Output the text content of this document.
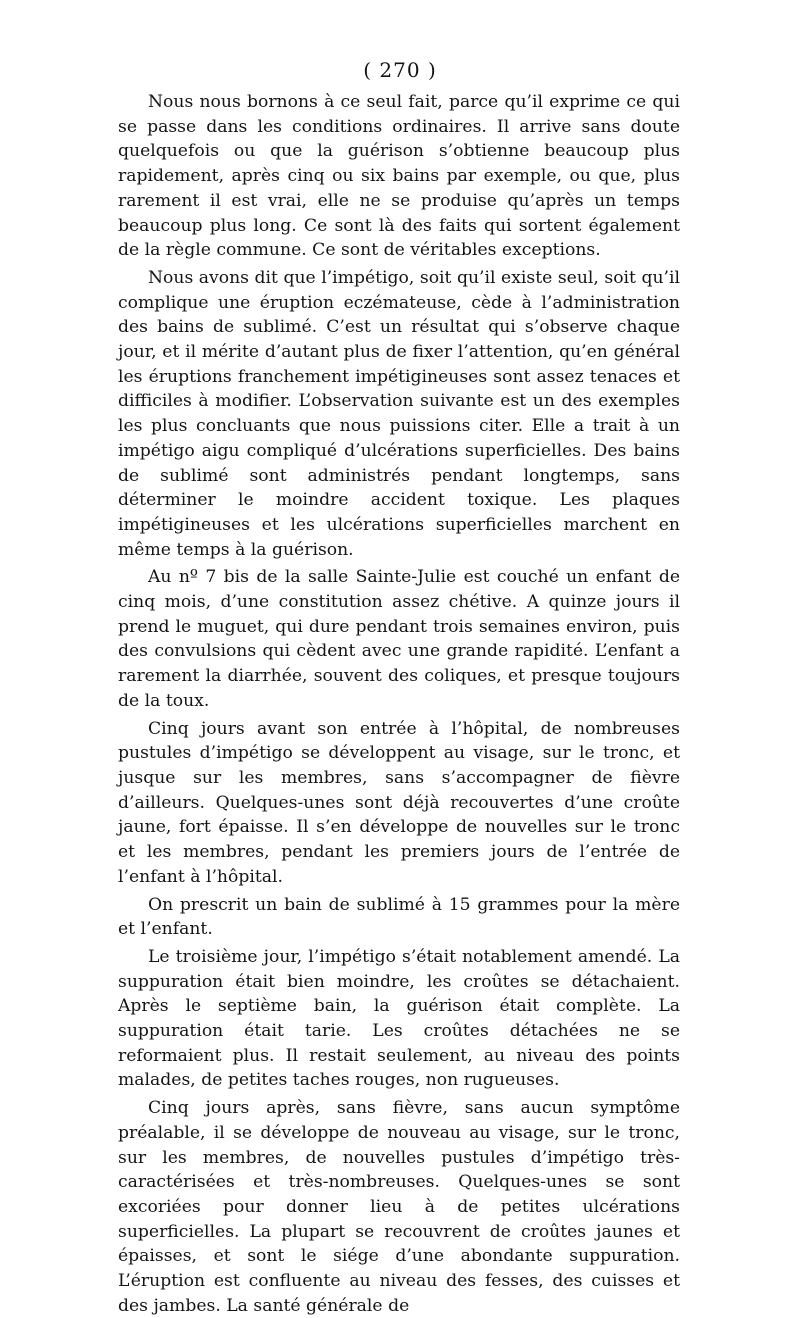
( 270 )

Nous nous bornons à ce seul fait, parce qu’il exprime ce qui se passe dans les conditions ordinaires. Il arrive sans doute quelquefois ou que la guérison s’obtienne beaucoup plus rapidement, après cinq ou six bains par exemple, ou que, plus rarement il est vrai, elle ne se produise qu’après un temps beaucoup plus long. Ce sont là des faits qui sortent également de la règle commune. Ce sont de véritables exceptions.

Nous avons dit que l’impétigo, soit qu’il existe seul, soit qu’il complique une éruption eczémateuse, cède à l’administration des bains de sublimé. C’est un résultat qui s’observe chaque jour, et il mérite d’autant plus de fixer l’attention, qu’en général les éruptions franchement impétigineuses sont assez tenaces et difficiles à modifier. L’observation suivante est un des exemples les plus concluants que nous puissions citer. Elle a trait à un impétigo aigu compliqué d’ulcérations superficielles. Des bains de sublimé sont administrés pendant longtemps, sans déterminer le moindre accident toxique. Les plaques impétigineuses et les ulcérations superficielles marchent en même temps à la guérison.

Au nº 7 bis de la salle Sainte-Julie est couché un enfant de cinq mois, d’une constitution assez chétive. A quinze jours il prend le muguet, qui dure pendant trois semaines environ, puis des convulsions qui cèdent avec une grande rapidité. L’enfant a rarement la diarrhée, souvent des coliques, et presque toujours de la toux.

Cinq jours avant son entrée à l’hôpital, de nombreuses pustules d’impétigo se développent au visage, sur le tronc, et jusque sur les membres, sans s’accompagner de fièvre d’ailleurs. Quelques-unes sont déjà recouvertes d’une croûte jaune, fort épaisse. Il s’en développe de nouvelles sur le tronc et les membres, pendant les premiers jours de l’entrée de l’enfant à l’hôpital.

On prescrit un bain de sublimé à 15 grammes pour la mère et l’enfant.

Le troisième jour, l’impétigo s’était notablement amendé. La suppuration était bien moindre, les croûtes se détachaient. Après le septième bain, la guérison était complète. La suppuration était tarie. Les croûtes détachées ne se reformaient plus. Il restait seulement, au niveau des points malades, de petites taches rouges, non rugueuses.

Cinq jours après, sans fièvre, sans aucun symptôme préalable, il se développe de nouveau au visage, sur le tronc, sur les membres, de nouvelles pustules d’impétigo très-caractérisées et très-nombreuses. Quelques-unes se sont excoriées pour donner lieu à de petites ulcérations superficielles. La plupart se recouvrent de croûtes jaunes et épaisses, et sont le siége d’une abondante suppuration. L’éruption est confluente au niveau des fesses, des cuisses et des jambes. La santé générale de
